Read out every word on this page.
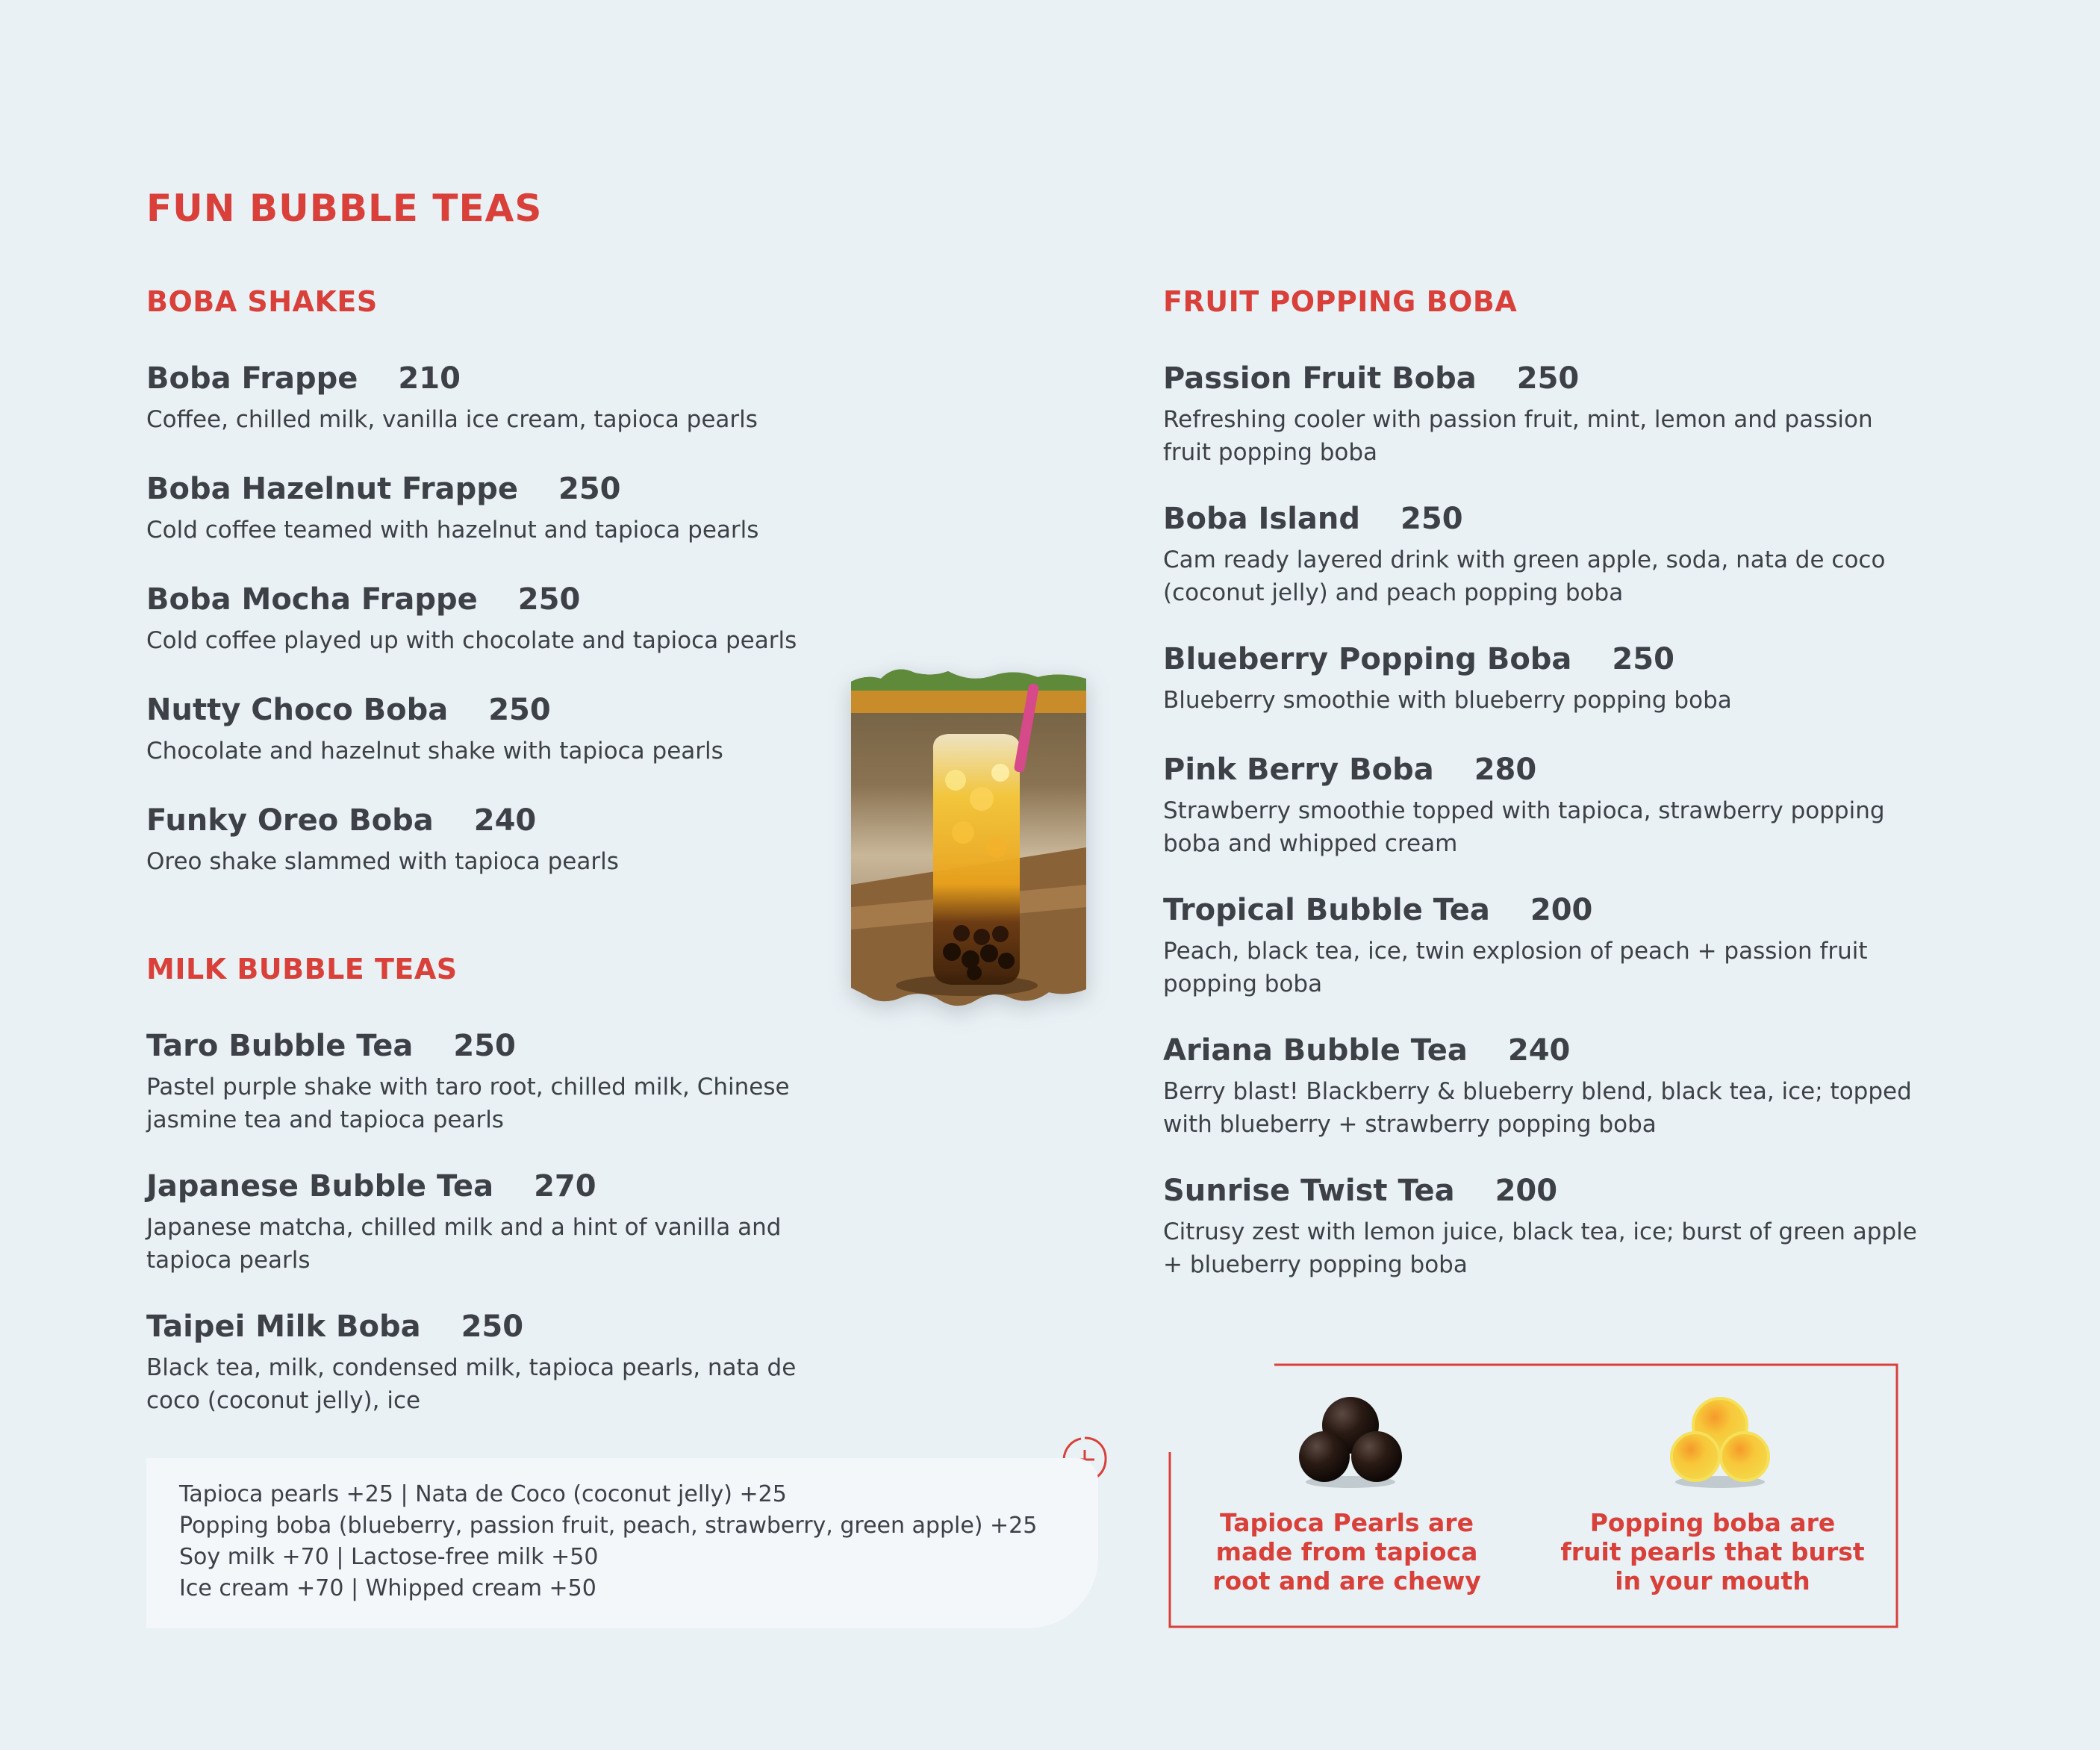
FUN BUBBLE TEAS
BOBA SHAKES
Boba Frappe 210
Coffee, chilled milk, vanilla ice cream, tapioca pearls
Boba Hazelnut Frappe 250
Cold coffee teamed with hazelnut and tapioca pearls
Boba Mocha Frappe 250
Cold coffee played up with chocolate and tapioca pearls
Nutty Choco Boba 250
Chocolate and hazelnut shake with tapioca pearls
Funky Oreo Boba 240
Oreo shake slammed with tapioca pearls
MILK BUBBLE TEAS
Taro Bubble Tea 250
Pastel purple shake with taro root, chilled milk, Chinese jasmine tea and tapioca pearls
Japanese Bubble Tea 270
Japanese matcha, chilled milk and a hint of vanilla and tapioca pearls
Taipei Milk Boba 250
Black tea, milk, condensed milk, tapioca pearls, nata de coco (coconut jelly), ice
FRUIT POPPING BOBA
Passion Fruit Boba 250
Refreshing cooler with passion fruit, mint, lemon and passion fruit popping boba
Boba Island 250
Cam ready layered drink with green apple, soda, nata de coco (coconut jelly) and peach popping boba
Blueberry Popping Boba 250
Blueberry smoothie with blueberry popping boba
Pink Berry Boba 280
Strawberry smoothie topped with tapioca, strawberry popping boba and whipped cream
Tropical Bubble Tea 200
Peach, black tea, ice, twin explosion of peach + passion fruit popping boba
Ariana Bubble Tea 240
Berry blast! Blackberry & blueberry blend, black tea, ice; topped with blueberry + strawberry popping boba
Sunrise Twist Tea 200
Citrusy zest with lemon juice, black tea, ice; burst of green apple + blueberry popping boba
Tapioca pearls +25 | Nata de Coco (coconut jelly) +25
Popping boba (blueberry, passion fruit, peach, strawberry, green apple) +25
Soy milk +70 | Lactose-free milk +50
Ice cream +70 | Whipped cream +50
Tapioca Pearls are made from tapioca root and are chewy
Popping boba are fruit pearls that burst in your mouth
